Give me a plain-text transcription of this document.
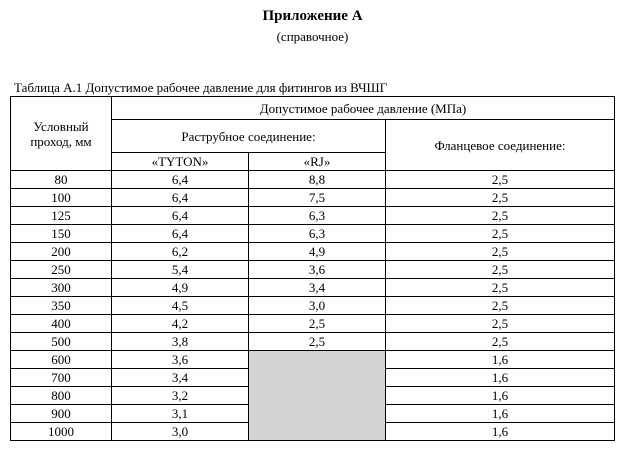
Приложение А
(справочное)
Таблица А.1 Допустимое рабочее давление для фитингов из ВЧШГ
Условный проход, мм	Допустимое рабочее давление (МПа)		
	Раструбное соединение:		Фланцевое соединение:
	«TYTON»	«RJ»	
80	6,4	8,8	2,5
100	6,4	7,5	2,5
125	6,4	6,3	2,5
150	6,4	6,3	2,5
200	6,2	4,9	2,5
250	5,4	3,6	2,5
300	4,9	3,4	2,5
350	4,5	3,0	2,5
400	4,2	2,5	2,5
500	3,8	2,5	2,5
600	3,6		1,6
700	3,4		1,6
800	3,2		1,6
900	3,1		1,6
1000	3,0		1,6
